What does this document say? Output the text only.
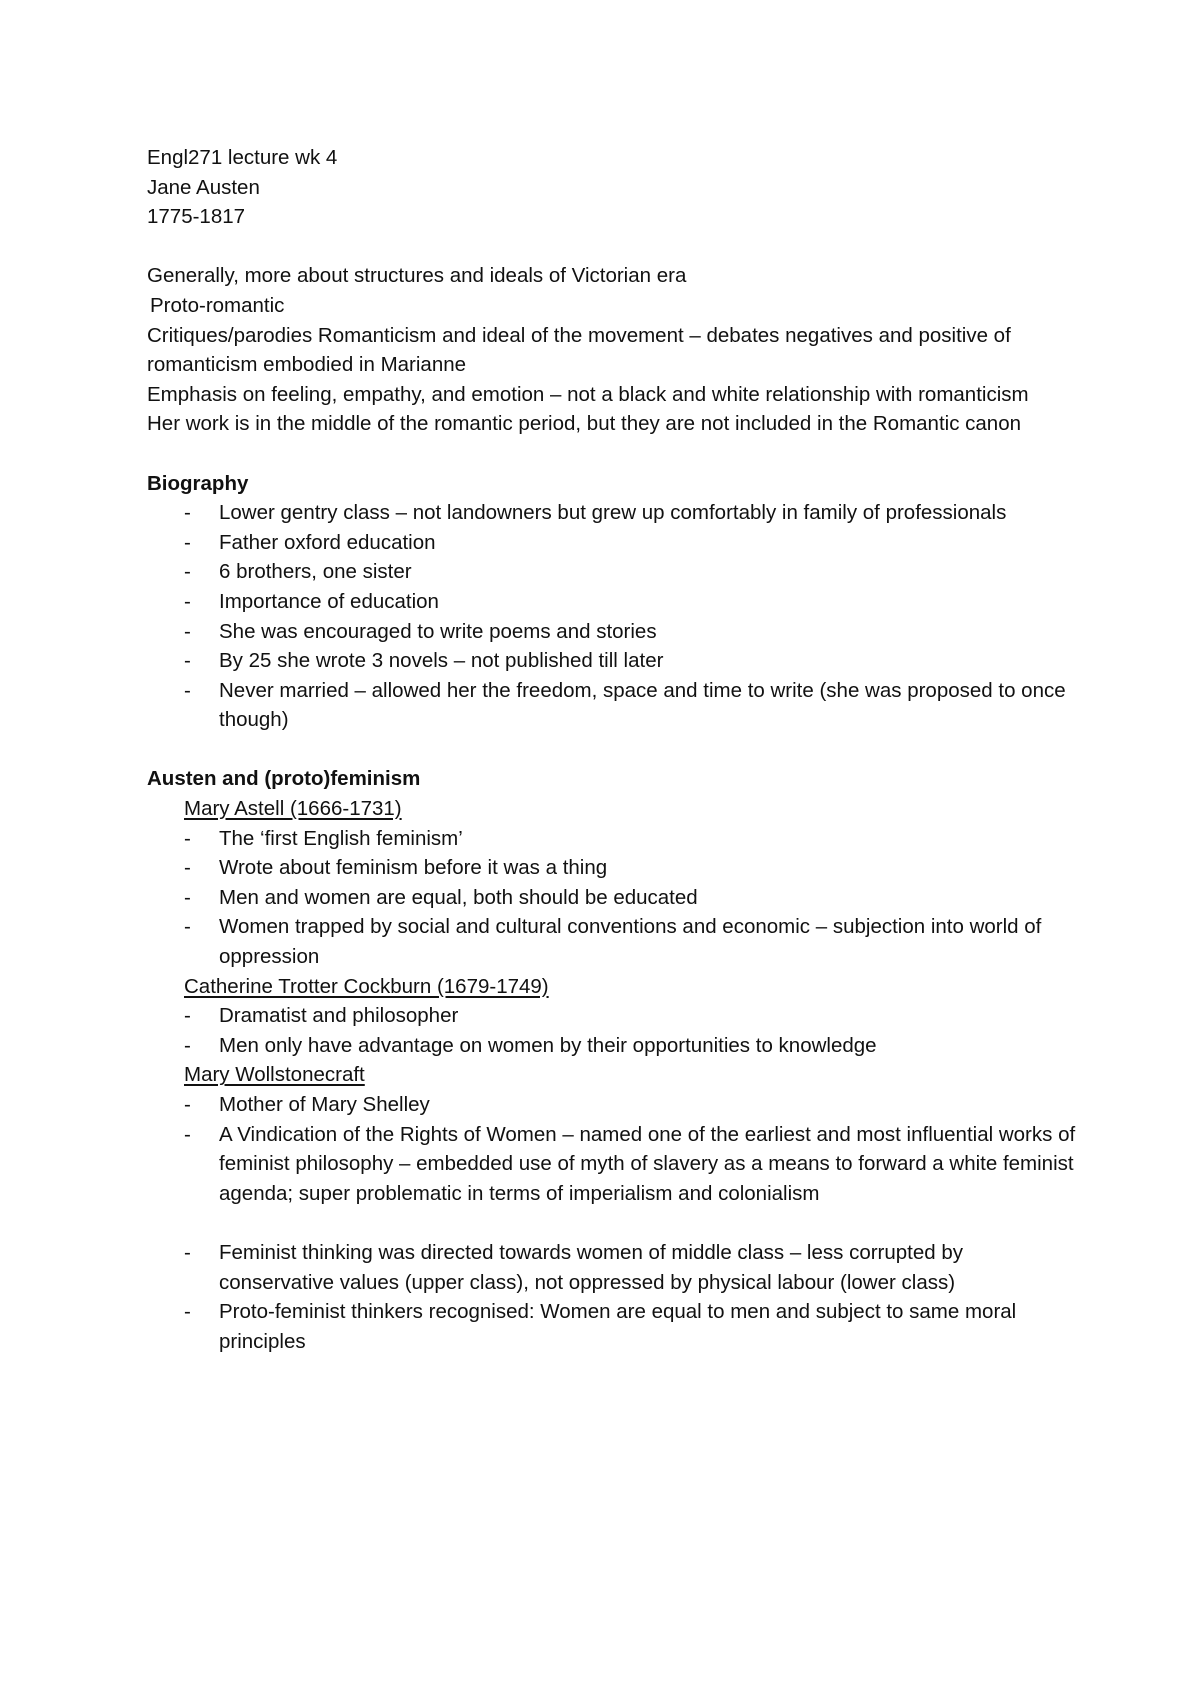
Engl271 lecture wk 4
Jane Austen
1775-1817
Generally, more about structures and ideals of Victorian era
Proto-romantic
Critiques/parodies Romanticism and ideal of the movement – debates negatives and positive of romanticism embodied in Marianne
Emphasis on feeling, empathy, and emotion – not a black and white relationship with romanticism
Her work is in the middle of the romantic period, but they are not included in the Romantic canon
Biography
- Lower gentry class – not landowners but grew up comfortably in family of professionals
- Father oxford education
- 6 brothers, one sister
- Importance of education
- She was encouraged to write poems and stories
- By 25 she wrote 3 novels – not published till later
- Never married – allowed her the freedom, space and time to write (she was proposed to once though)
Austen and (proto)feminism
Mary Astell (1666-1731)
- The ‘first English feminism’
- Wrote about feminism before it was a thing
- Men and women are equal, both should be educated
- Women trapped by social and cultural conventions and economic – subjection into world of oppression
Catherine Trotter Cockburn (1679-1749)
- Dramatist and philosopher
- Men only have advantage on women by their opportunities to knowledge
Mary Wollstonecraft
- Mother of Mary Shelley
- A Vindication of the Rights of Women – named one of the earliest and most influential works of feminist philosophy – embedded use of myth of slavery as a means to forward a white feminist agenda; super problematic in terms of imperialism and colonialism
- Feminist thinking was directed towards women of middle class – less corrupted by conservative values (upper class), not oppressed by physical labour (lower class)
- Proto-feminist thinkers recognised: Women are equal to men and subject to same moral principles
